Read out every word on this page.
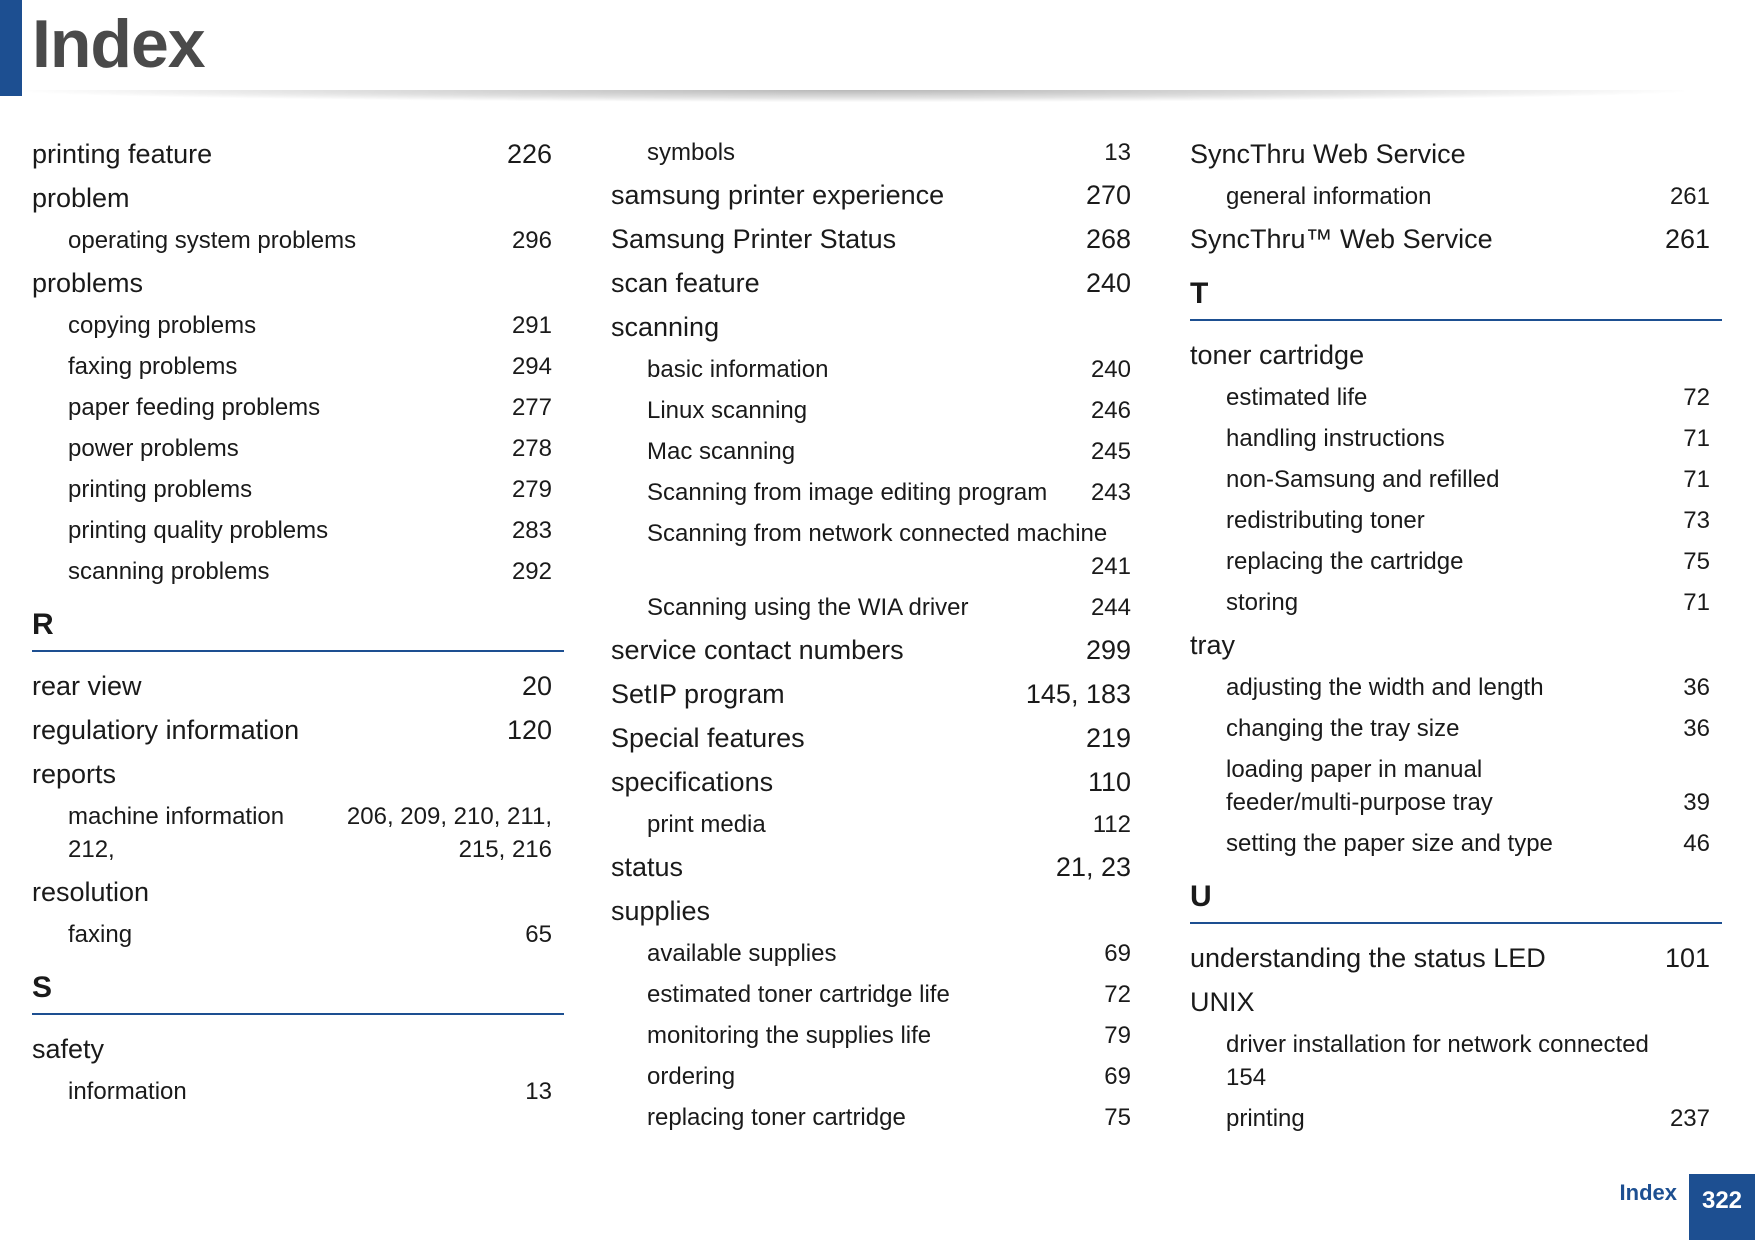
Index
printing feature	226
problem
operating system problems	296
problems
copying problems	291
faxing problems	294
paper feeding problems	277
power problems	278
printing problems	279
printing quality problems	283
scanning problems	292
R
rear view	20
regulatiory information	120
reports
machine information	206, 209, 210, 211,
212,	215, 216
resolution
faxing	65
S
safety
information	13
symbols	13
samsung printer experience	270
Samsung Printer Status	268
scan feature	240
scanning
basic information	240
Linux scanning	246
Mac scanning	245
Scanning from image editing program 243
Scanning from network connected machine
241
Scanning using the WIA driver	244
service contact numbers	299
SetIP program	145, 183
Special features	219
specifications	110
print media	112
status	21, 23
supplies
available supplies	69
estimated toner cartridge life	72
monitoring the supplies life	79
ordering	69
replacing toner cartridge	75
SyncThru Web Service
general information	261
SyncThru™ Web Service	261
T
toner cartridge
estimated life	72
handling instructions	71
non-Samsung and refilled	71
redistributing toner	73
replacing the cartridge	75
storing	71
tray
adjusting the width and length	36
changing the tray size	36
loading paper in manual
feeder/multi-purpose tray	39
setting the paper size and type	46
U
understanding the status LED	101
UNIX
driver installation for network connected
154
printing	237
Index	322
